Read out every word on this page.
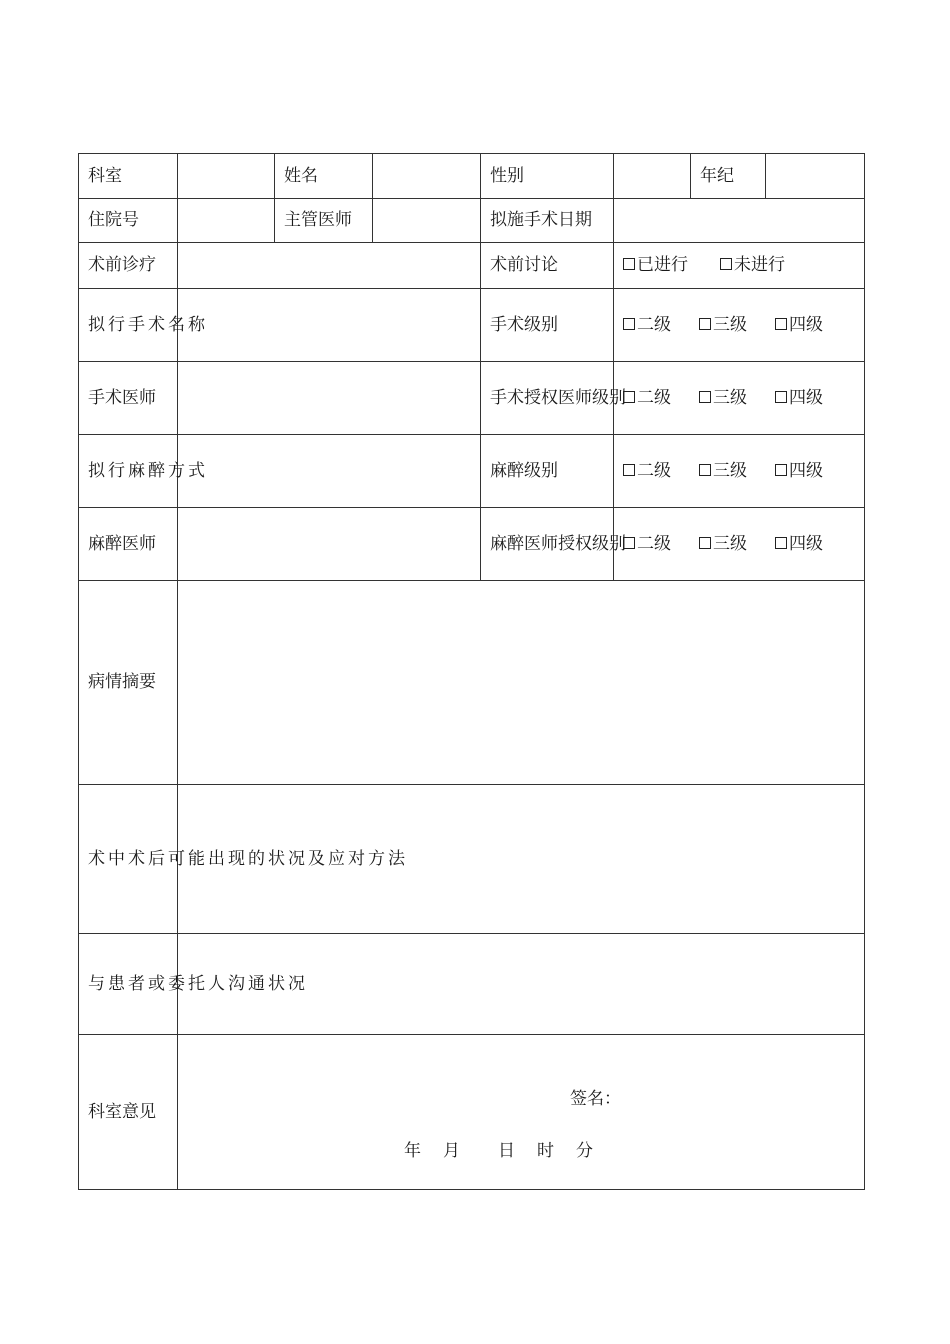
科室		姓名		性别		年纪	
住院号		主管医师		拟施手术日期			
术前诊疗				术前讨论	已进行 未进行		
拟行手术名称				手术级别	二级 三级 四级		
手术医师				手术授权医师级别	二级 三级 四级		
拟行麻醉方式				麻醉级别	二级 三级 四级		
麻醉医师				麻醉医师授权级别	二级 三级 四级		
病情摘要							
术中术后可能出现的状况及应对方法							
与患者或委托人沟通状况							
科室意见	签名：
年 月 日 时 分						
